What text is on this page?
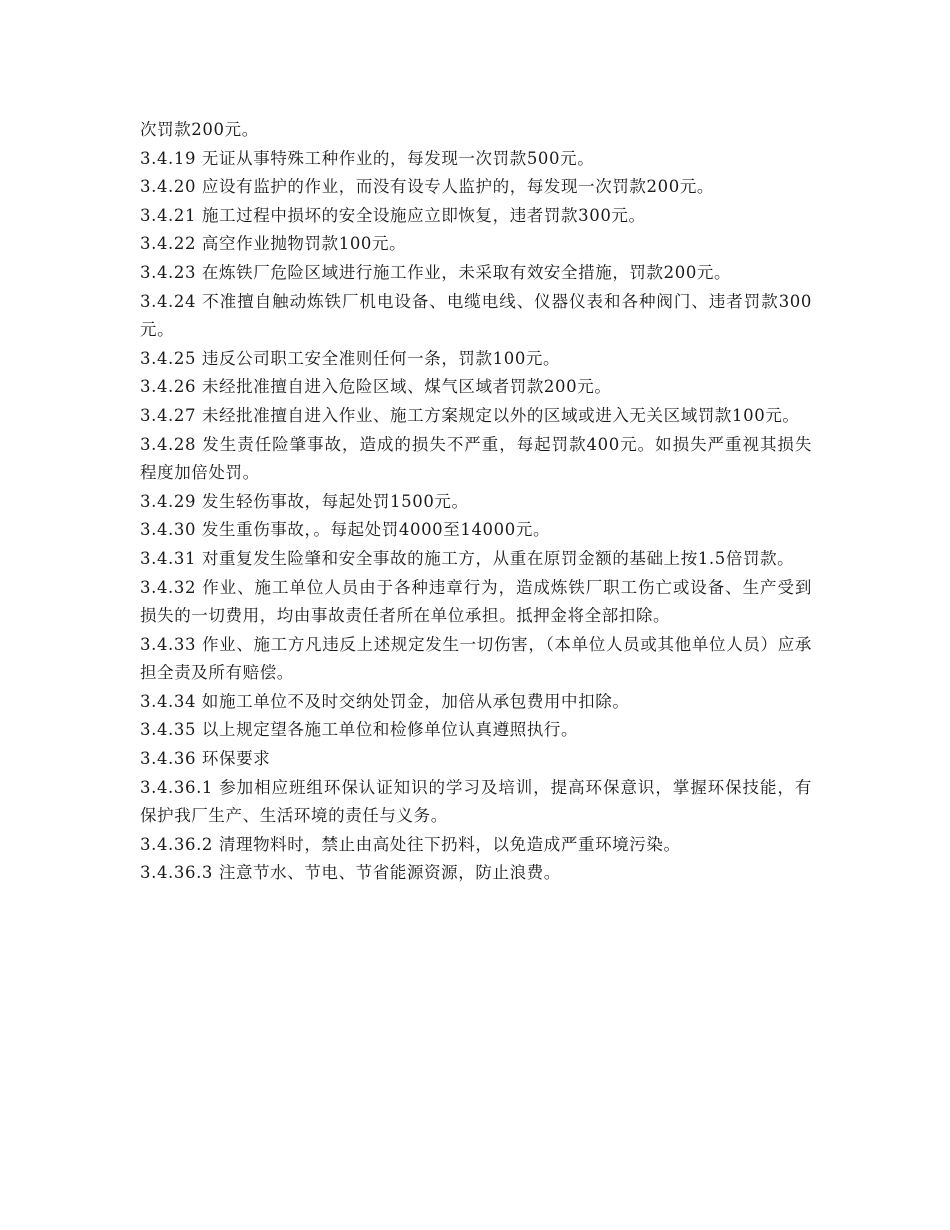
次罚款200元。

3.4.19 无证从事特殊工种作业的，每发现一次罚款500元。

3.4.20 应设有监护的作业，而没有设专人监护的，每发现一次罚款200元。

3.4.21 施工过程中损坏的安全设施应立即恢复，违者罚款300元。

3.4.22 高空作业抛物罚款100元。

3.4.23 在炼铁厂危险区域进行施工作业，未采取有效安全措施，罚款200元。

3.4.24 不准擅自触动炼铁厂机电设备、电缆电线、仪器仪表和各种阀门、违者罚款300元。

3.4.25 违反公司职工安全准则任何一条，罚款100元。

3.4.26 未经批准擅自进入危险区域、煤气区域者罚款200元。

3.4.27 未经批准擅自进入作业、施工方案规定以外的区域或进入无关区域罚款100元。

3.4.28 发生责任险肇事故，造成的损失不严重，每起罚款400元。如损失严重视其损失程度加倍处罚。

3.4.29 发生轻伤事故，每起处罚1500元。

3.4.30 发生重伤事故，。每起处罚4000至14000元。

3.4.31 对重复发生险肇和安全事故的施工方，从重在原罚金额的基础上按1.5倍罚款。

3.4.32 作业、施工单位人员由于各种违章行为，造成炼铁厂职工伤亡或设备、生产受到损失的一切费用，均由事故责任者所在单位承担。抵押金将全部扣除。

3.4.33 作业、施工方凡违反上述规定发生一切伤害，（本单位人员或其他单位人员）应承担全责及所有赔偿。

3.4.34 如施工单位不及时交纳处罚金，加倍从承包费用中扣除。

3.4.35 以上规定望各施工单位和检修单位认真遵照执行。

3.4.36 环保要求

3.4.36.1 参加相应班组环保认证知识的学习及培训，提高环保意识，掌握环保技能，有保护我厂生产、生活环境的责任与义务。

3.4.36.2 清理物料时，禁止由高处往下扔料，以免造成严重环境污染。

3.4.36.3 注意节水、节电、节省能源资源，防止浪费。
